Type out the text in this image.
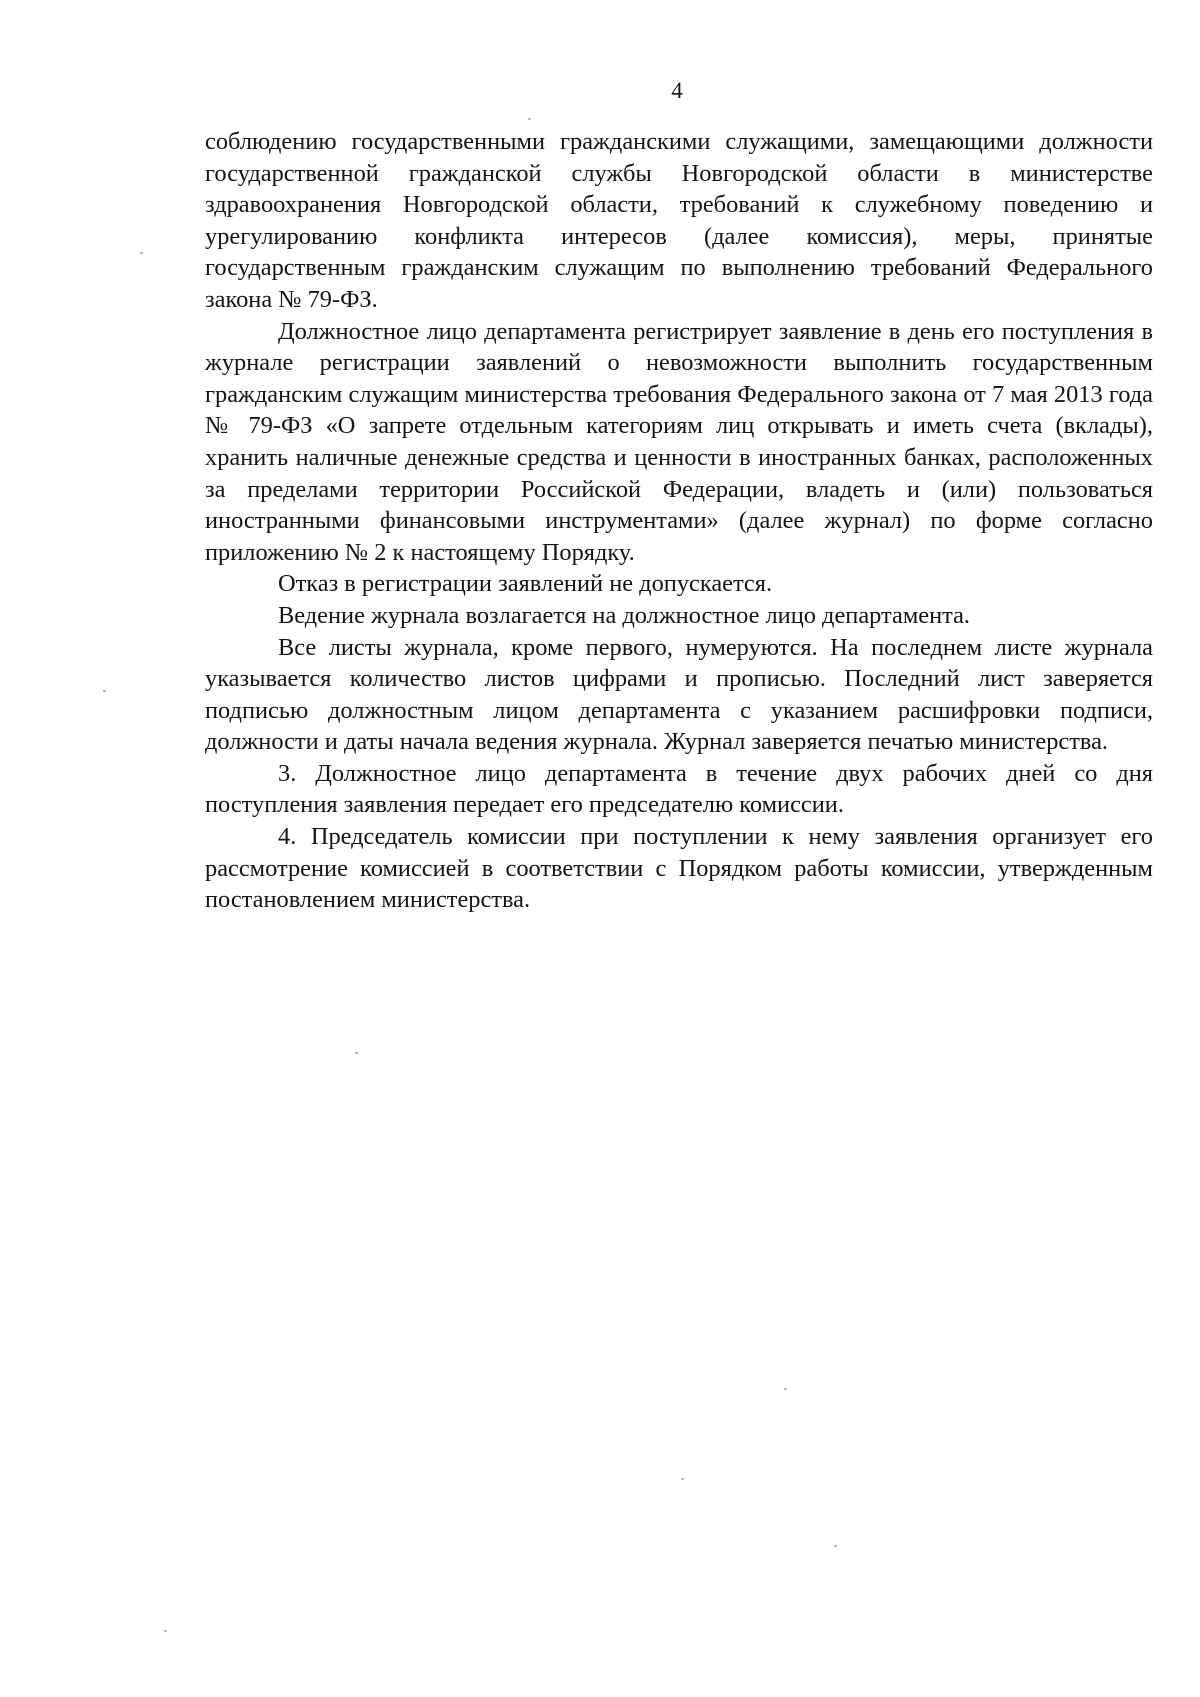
4

соблюдению государственными гражданскими служащими, замещающими должности государственной гражданской службы Новгородской области в министерстве здравоохранения Новгородской области, требований к служебному поведению и урегулированию конфликта интересов (далее комиссия), меры, принятые государственным гражданским служащим по выполнению требований Федерального закона № 79-ФЗ.

Должностное лицо департамента регистрирует заявление в день его поступления в журнале регистрации заявлений о невозможности выполнить государственным гражданским служащим министерства требования Федерального закона от 7 мая 2013 года № 79-ФЗ «О запрете отдельным категориям лиц открывать и иметь счета (вклады), хранить наличные денежные средства и ценности в иностранных банках, расположенных за пределами территории Российской Федерации, владеть и (или) пользоваться иностранными финансовыми инструментами» (далее журнал) по форме согласно приложению № 2 к настоящему Порядку.

Отказ в регистрации заявлений не допускается.

Ведение журнала возлагается на должностное лицо департамента.

Все листы журнала, кроме первого, нумеруются. На последнем листе журнала указывается количество листов цифрами и прописью. Последний лист заверяется подписью должностным лицом департамента с указанием расшифровки подписи, должности и даты начала ведения журнала. Журнал заверяется печатью министерства.

3. Должностное лицо департамента в течение двух рабочих дней со дня поступления заявления передает его председателю комиссии.

4. Председатель комиссии при поступлении к нему заявления организует его рассмотрение комиссией в соответствии с Порядком работы комиссии, утвержденным постановлением министерства.
